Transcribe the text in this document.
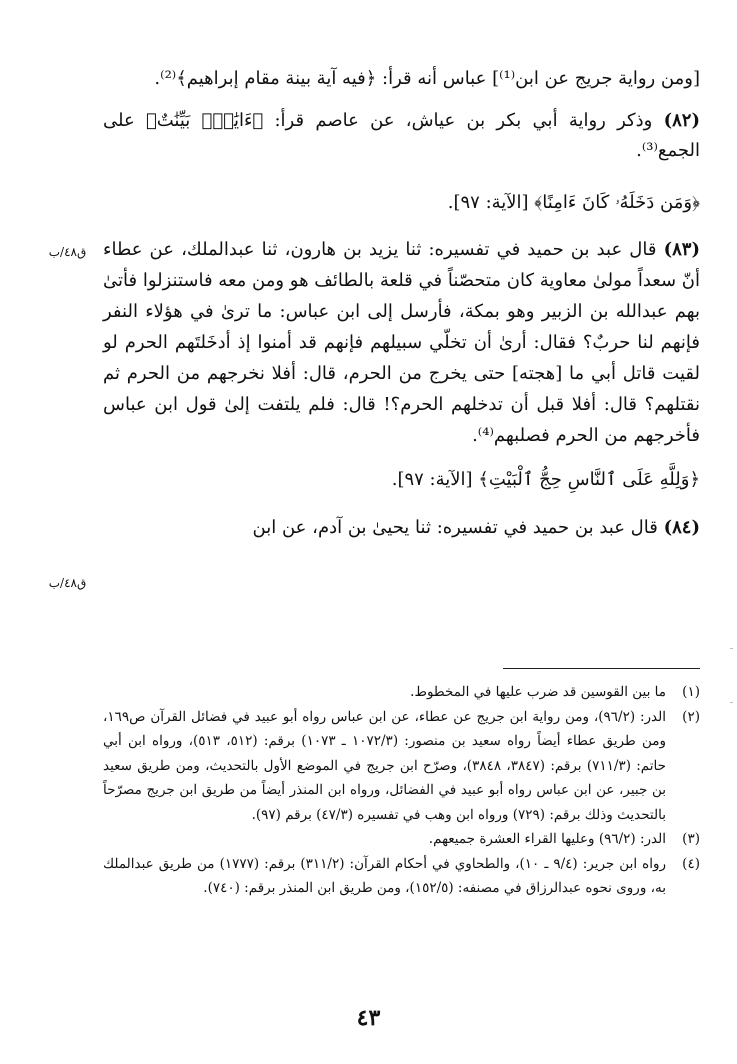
[ومن رواية جريج عن ابن⁽¹⁾] عباس أنه قرأ: ﴿فيه آية بينة مقام إبراهيم﴾⁽²⁾.

(٨٢) وذكر رواية أبي بكر بن عياش، عن عاصم قرأ: ﴿ءَايَٰتُۢ بَيِّنَٰتٌ﴾ على الجمع⁽³⁾.

﴿وَمَن دَخَلَهُۥ كَانَ ءَامِنًا﴾ [الآية: ٩٧].

(٨٣) قال عبد بن حميد في تفسيره: ثنا يزيد بن هارون، ثنا عبدالملك، عن عطاء أنّ سعداً مولىٰ معاوية كان متحصّناً في قلعة بالطائف هو ومن معه فاستنزلوا فأتىٰ بهم عبدالله بن الزبير وهو بمكة، فأرسل إلى ابن عباس: ما ترىٰ في هؤلاء النفر فإنهم لنا حربٌ؟ فقال: أرىٰ أن تخلّي سبيلهم فإنهم قد أمنوا إذ أدخَلتَهم الحرم لو لقيت قاتل أبي ما [هجته] حتى يخرج من الحرم، قال: أفلا نخرجهم من الحرم ثم نقتلهم؟ قال: أفلا قبل أن تدخلهم الحرم؟! قال: فلم يلتفت إلىٰ قول ابن عباس فأخرجهم من الحرم فصلبهم⁽⁴⁾.

﴿وَلِلَّهِ عَلَى ٱلنَّاسِ حِجُّ ٱلْبَيْتِ﴾ [الآية: ٩٧].

(٨٤) قال عبد بن حميد في تفسيره: ثنا يحيىٰ بن آدم، عن ابن

ق٤٨/ب
ق٤٨/ب
(١)
ما بين القوسين قد ضرب عليها في المخطوط.
(٢)
الدر: (٩٦/٢)، ومن رواية ابن جريج عن عطاء، عن ابن عباس رواه أبو عبيد في فضائل القرآن ص١٦٩، ومن طريق عطاء أيضاً رواه سعيد بن منصور: (١٠٧٢/٣ ـ ١٠٧٣) برقم: (٥١٢، ٥١٣)، ورواه ابن أبي حاتم: (٧١١/٣) برقم: (٣٨٤٧، ٣٨٤٨)، وصرّح ابن جريج في الموضع الأول بالتحديث، ومن طريق سعيد بن جبير، عن ابن عباس رواه أبو عبيد في الفضائل، ورواه ابن المنذر أيضاً من طريق ابن جريج مصرّحاً بالتحديث وذلك برقم: (٧٢٩) ورواه ابن وهب في تفسيره (٤٧/٣) برقم (٩٧).
(٣)
الدر: (٩٦/٢) وعليها القراء العشرة جميعهم.
(٤)
رواه ابن جرير: (٩/٤ ـ ١٠)، والطحاوي في أحكام القرآن: (٣١١/٢) برقم: (١٧٧٧) من طريق عبدالملك به، وروى نحوه عبدالرزاق في مصنفه: (١٥٢/٥)، ومن طريق ابن المنذر برقم: (٧٤٠).
٤٣
